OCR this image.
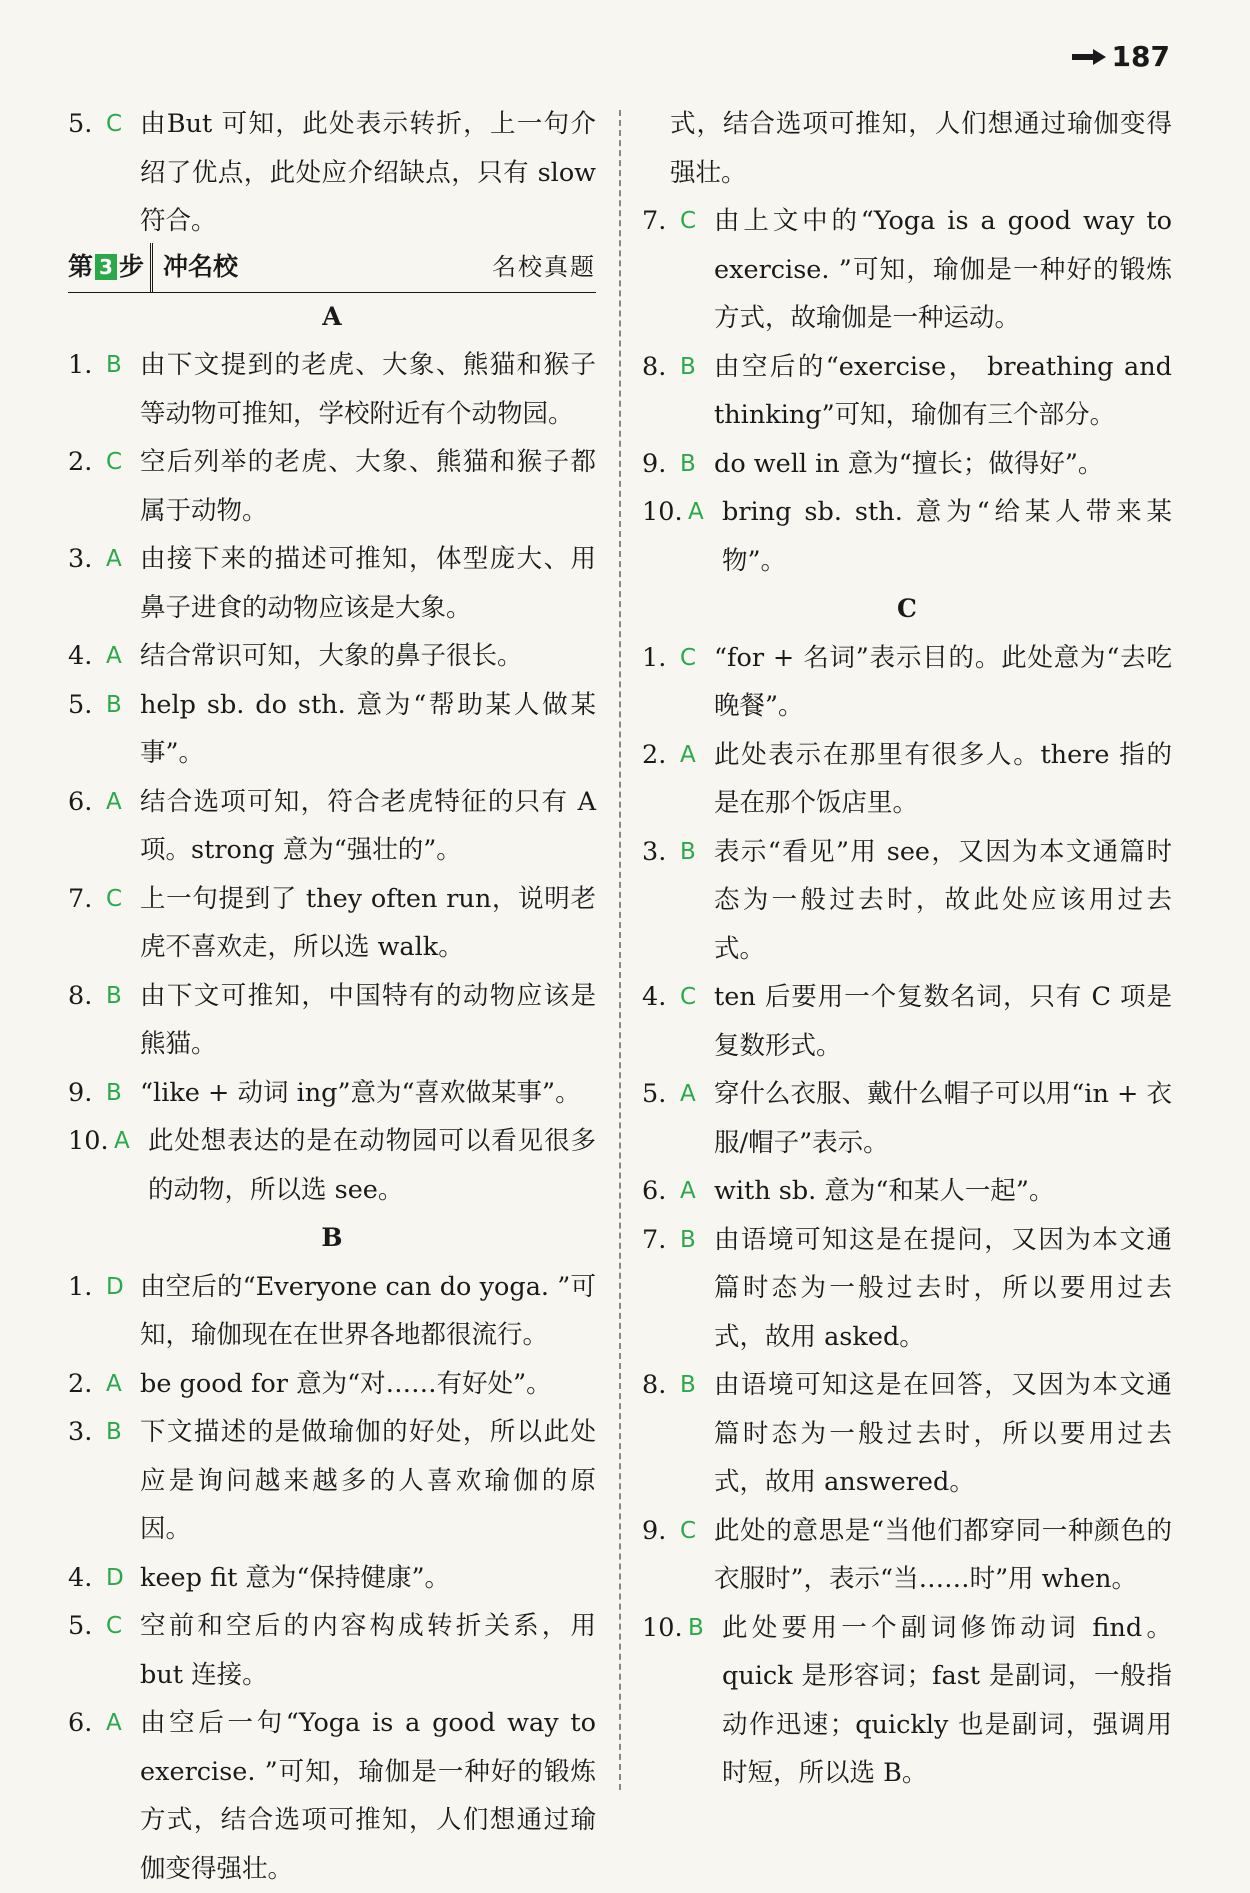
187
5. C 由But 可知，此处表示转折，上一句介绍了优点，此处应介绍缺点，只有 slow 符合。
第 3 步 冲名校	名校真题
A
1. B 由下文提到的老虎、大象、熊猫和猴子等动物可推知，学校附近有个动物园。
2. C 空后列举的老虎、大象、熊猫和猴子都属于动物。
3. A 由接下来的描述可推知，体型庞大、用鼻子进食的动物应该是大象。
4. A 结合常识可知，大象的鼻子很长。
5. B help sb. do sth. 意为“帮助某人做某事”。
6. A 结合选项可知，符合老虎特征的只有 A 项。strong 意为“强壮的”。
7. C 上一句提到了 they often run，说明老虎不喜欢走，所以选 walk。
8. B 由下文可推知，中国特有的动物应该是熊猫。
9. B “like + 动词 ing”意为“喜欢做某事”。
10. A 此处想表达的是在动物园可以看见很多的动物，所以选 see。
B
1. D 由空后的“Everyone can do yoga. ”可知，瑜伽现在在世界各地都很流行。
2. A be good for 意为“对……有好处”。
3. B 下文描述的是做瑜伽的好处，所以此处应是询问越来越多的人喜欢瑜伽的原因。
4. D keep fit 意为“保持健康”。
5. C 空前和空后的内容构成转折关系，用 but 连接。
6. A 由空后一句“Yoga is a good way to exercise. ”可知，瑜伽是一种好的锻炼方式，结合选项可推知，人们想通过瑜伽变得强壮。
式，结合选项可推知，人们想通过瑜伽变得强壮。
7. C 由上文中的“Yoga is a good way to exercise. ”可知，瑜伽是一种好的锻炼方式，故瑜伽是一种运动。
8. B 由空后的“exercise， breathing and thinking”可知，瑜伽有三个部分。
9. B do well in 意为“擅长；做得好”。
10. A bring sb. sth. 意为“给某人带来某物”。
C
1. C “for + 名词”表示目的。此处意为“去吃晚餐”。
2. A 此处表示在那里有很多人。there 指的是在那个饭店里。
3. B 表示“看见”用 see，又因为本文通篇时态为一般过去时，故此处应该用过去式。
4. C ten 后要用一个复数名词，只有 C 项是复数形式。
5. A 穿什么衣服、戴什么帽子可以用“in + 衣服/帽子”表示。
6. A with sb. 意为“和某人一起”。
7. B 由语境可知这是在提问，又因为本文通篇时态为一般过去时，所以要用过去式，故用 asked。
8. B 由语境可知这是在回答，又因为本文通篇时态为一般过去时，所以要用过去式，故用 answered。
9. C 此处的意思是“当他们都穿同一种颜色的衣服时”，表示“当……时”用 when。
10. B 此处要用一个副词修饰动词 find。quick 是形容词；fast 是副词，一般指动作迅速；quickly 也是副词，强调用时短，所以选 B。
